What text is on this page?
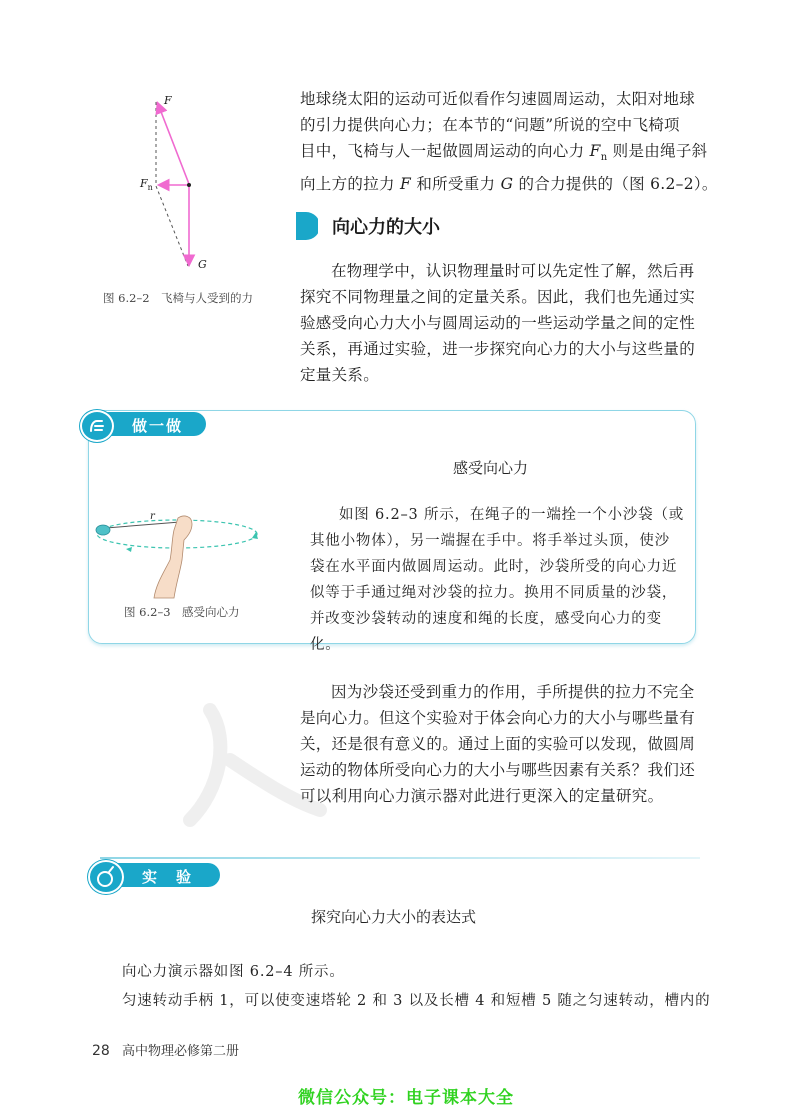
F
$F_n$
G
图 6.2–2　飞椅与人受到的力

地球绕太阳的运动可近似看作匀速圆周运动，太阳对地球

的引力提供向心力；在本节的“问题”所说的空中飞椅项

目中，飞椅与人一起做圆周运动的向心力 $F_n$ 则是由绳子斜

向上方的拉力 F 和所受重力 G 的合力提供的（图 6.2–2）。

向心力的大小

在物理学中，认识物理量时可以先定性了解，然后再

探究不同物理量之间的定量关系。因此，我们也先通过实

验感受向心力大小与圆周运动的一些运动学量之间的定性

关系，再通过实验，进一步探究向心力的大小与这些量的

定量关系。

做一做
感受向心力
r
图 6.2–3　感受向心力
如图 6.2–3 所示，在绳子的一端拴一个小沙袋（或
其他小物体），另一端握在手中。将手举过头顶，使沙
袋在水平面内做圆周运动。此时，沙袋所受的向心力近
似等于手通过绳对沙袋的拉力。换用不同质量的沙袋，
并改变沙袋转动的速度和绳的长度，感受向心力的变化。

因为沙袋还受到重力的作用，手所提供的拉力不完全

是向心力。但这个实验对于体会向心力的大小与哪些量有

关，还是很有意义的。通过上面的实验可以发现，做圆周

运动的物体所受向心力的大小与哪些因素有关系？我们还

可以利用向心力演示器对此进行更深入的定量研究。

实　验
探究向心力大小的表达式
向心力演示器如图 6.2–4 所示。
匀速转动手柄 1，可以使变速塔轮 2 和 3 以及长槽 4 和短槽 5 随之匀速转动，槽内的
28 高中物理必修第二册
微信公众号：电子课本大全
